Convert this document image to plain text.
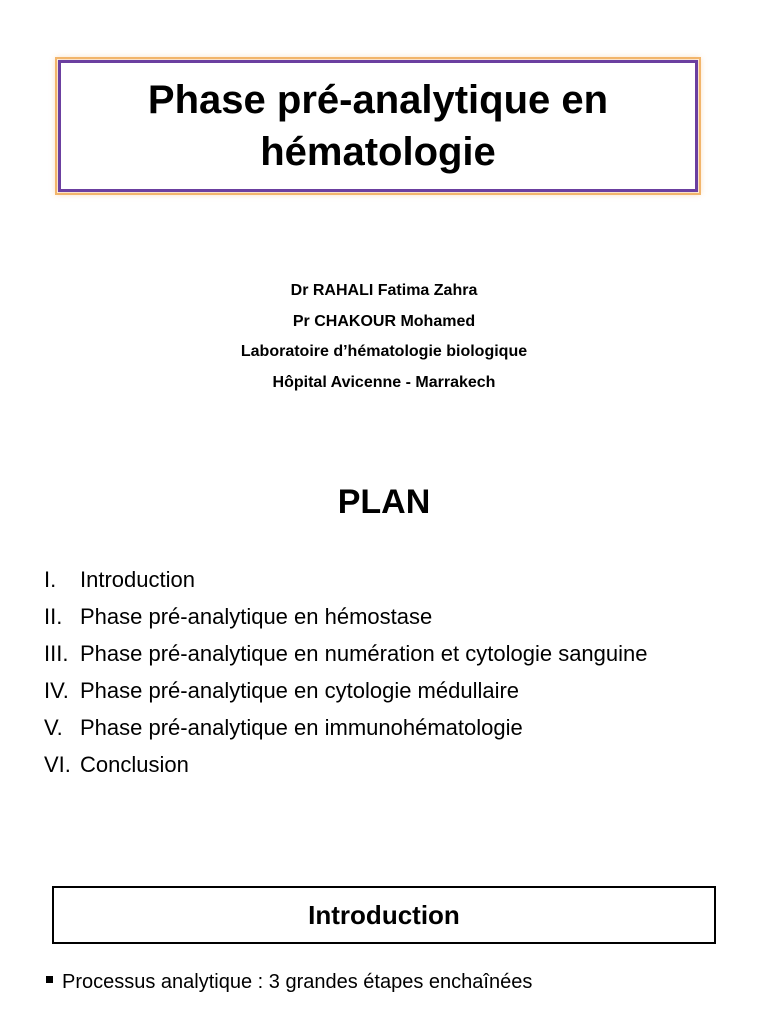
Phase pré-analytique en
hématologie
Dr RAHALI Fatima Zahra
Pr CHAKOUR Mohamed
Laboratoire d’hématologie biologique
Hôpital Avicenne - Marrakech
PLAN
I.	Introduction
II. Phase pré-analytique en hémostase
III. Phase pré-analytique en numération et cytologie sanguine
IV. Phase pré-analytique en cytologie médullaire
V. Phase pré-analytique en immunohématologie
VI. Conclusion
Introduction
Processus analytique : 3 grandes étapes enchaînées
